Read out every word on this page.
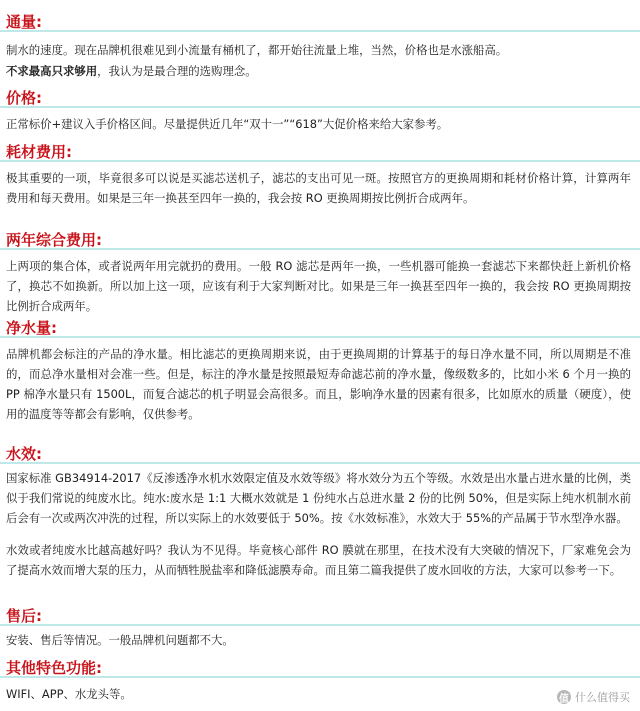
通量:

制水的速度。现在品牌机很难见到小流量有桶机了，都开始往流量上堆，当然，价格也是水涨船高。

不求最高只求够用，我认为是最合理的选购理念。

价格:

正常标价+建议入手价格区间。尽量提供近几年“双十一”“618”大促价格来给大家参考。

耗材费用:

极其重要的一项，毕竟很多可以说是买滤芯送机子，滤芯的支出可见一斑。按照官方的更换周期和耗材价格计算，计算两年费用和每天费用。如果是三年一换甚至四年一换的，我会按 RO 更换周期按比例折合成两年。

两年综合费用:

上两项的集合体，或者说两年用完就扔的费用。一般 RO 滤芯是两年一换，一些机器可能换一套滤芯下来都快赶上新机价格了，换芯不如换新。所以加上这一项，应该有利于大家判断对比。如果是三年一换甚至四年一换的，我会按 RO 更换周期按比例折合成两年。

净水量:

品牌机都会标注的产品的净水量。相比滤芯的更换周期来说，由于更换周期的计算基于的每日净水量不同，所以周期是不准的，而总净水量相对会准一些。但是，标注的净水量是按照最短寿命滤芯前的净水量，像级数多的，比如小米 6 个月一换的 PP 棉净水量只有 1500L，而复合滤芯的机子明显会高很多。而且，影响净水量的因素有很多，比如原水的质量（硬度），使用的温度等等都会有影响，仅供参考。

水效:

国家标准 GB34914-2017《反渗透净水机水效限定值及水效等级》将水效分为五个等级。水效是出水量占进水量的比例，类似于我们常说的纯废水比。纯水:废水是 1:1 大概水效就是 1 份纯水占总进水量 2 份的比例 50%，但是实际上纯水机制水前后会有一次或两次冲洗的过程，所以实际上的水效要低于 50%。按《水效标准》，水效大于 55%的产品属于节水型净水器。

水效或者纯废水比越高越好吗？我认为不见得。毕竟核心部件 RO 膜就在那里，在技术没有大突破的情况下，厂家难免会为了提高水效而增大泵的压力，从而牺牲脱盐率和降低滤膜寿命。而且第二篇我提供了废水回收的方法，大家可以参考一下。

售后:

安装、售后等情况。一般品牌机问题都不大。

其他特色功能:

WIFI、APP、水龙头等。	值 什么值得买
